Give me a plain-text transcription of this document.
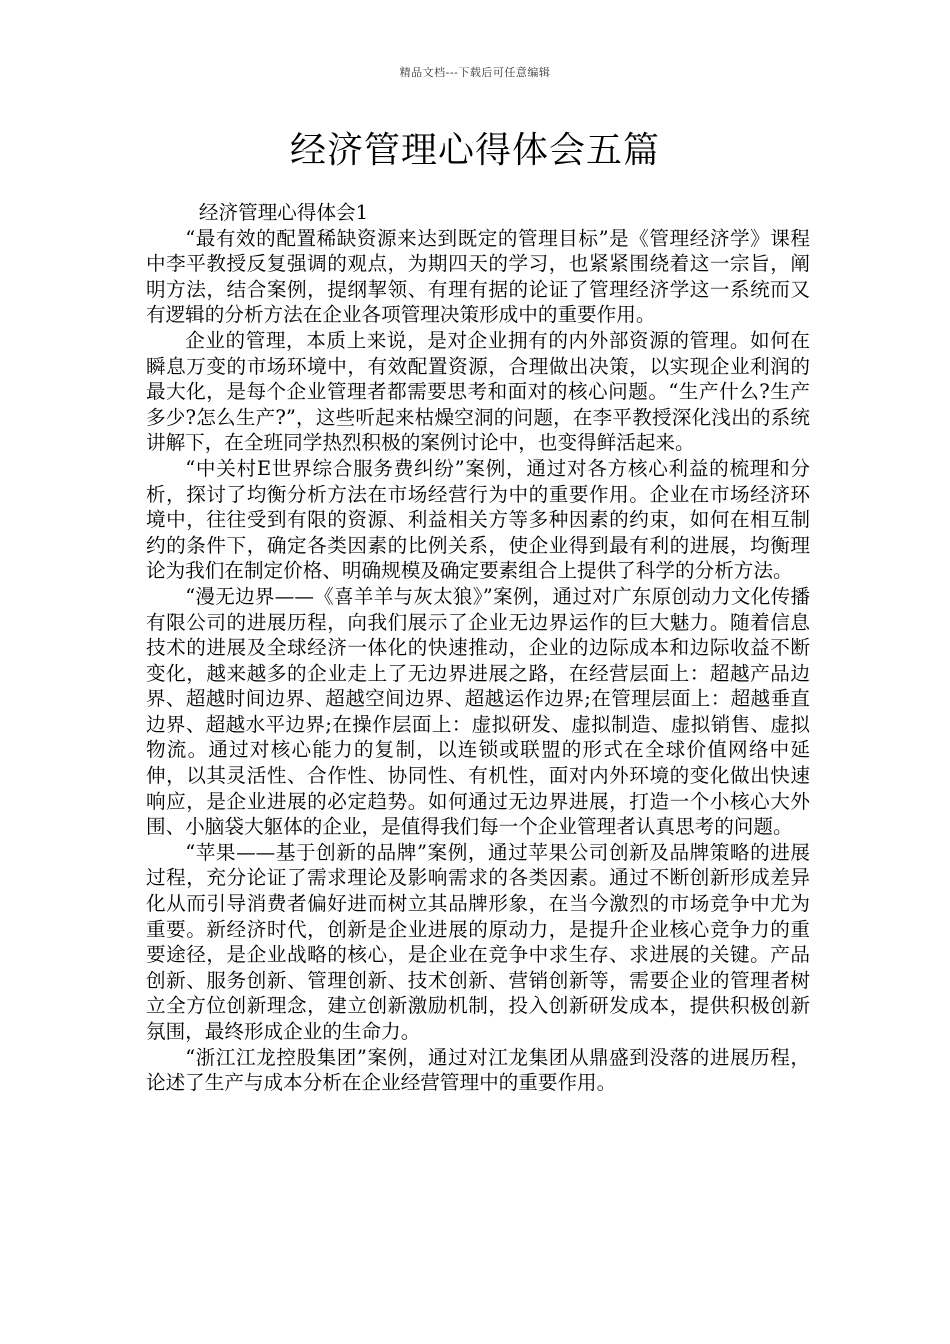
精品文档---下载后可任意编辑
经济管理心得体会五篇
经济管理心得体会1

“最有效的配置稀缺资源来达到既定的管理目标”是《管理经济学》课程中李平教授反复强调的观点，为期四天的学习，也紧紧围绕着这一宗旨，阐明方法，结合案例，提纲挈领、有理有据的论证了管理经济学这一系统而又有逻辑的分析方法在企业各项管理决策形成中的重要作用。

企业的管理，本质上来说，是对企业拥有的内外部资源的管理。如何在瞬息万变的市场环境中，有效配置资源，合理做出决策，以实现企业利润的最大化，是每个企业管理者都需要思考和面对的核心问题。“生产什么?生产多少?怎么生产?”，这些听起来枯燥空洞的问题，在李平教授深化浅出的系统讲解下，在全班同学热烈积极的案例讨论中，也变得鲜活起来。

“中关村E世界综合服务费纠纷”案例，通过对各方核心利益的梳理和分析，探讨了均衡分析方法在市场经营行为中的重要作用。企业在市场经济环境中，往往受到有限的资源、利益相关方等多种因素的约束，如何在相互制约的条件下，确定各类因素的比例关系，使企业得到最有利的进展，均衡理论为我们在制定价格、明确规模及确定要素组合上提供了科学的分析方法。

“漫无边界——《喜羊羊与灰太狼》”案例，通过对广东原创动力文化传播有限公司的进展历程，向我们展示了企业无边界运作的巨大魅力。随着信息技术的进展及全球经济一体化的快速推动，企业的边际成本和边际收益不断变化，越来越多的企业走上了无边界进展之路，在经营层面上：超越产品边界、超越时间边界、超越空间边界、超越运作边界;在管理层面上：超越垂直边界、超越水平边界;在操作层面上：虚拟研发、虚拟制造、虚拟销售、虚拟物流。通过对核心能力的复制，以连锁或联盟的形式在全球价值网络中延伸，以其灵活性、合作性、协同性、有机性，面对内外环境的变化做出快速响应，是企业进展的必定趋势。如何通过无边界进展，打造一个小核心大外围、小脑袋大躯体的企业，是值得我们每一个企业管理者认真思考的问题。

“苹果——基于创新的品牌”案例，通过苹果公司创新及品牌策略的进展过程，充分论证了需求理论及影响需求的各类因素。通过不断创新形成差异化从而引导消费者偏好进而树立其品牌形象，在当今激烈的市场竞争中尤为重要。新经济时代，创新是企业进展的原动力，是提升企业核心竞争力的重要途径，是企业战略的核心，是企业在竞争中求生存、求进展的关键。产品创新、服务创新、管理创新、技术创新、营销创新等，需要企业的管理者树立全方位创新理念，建立创新激励机制，投入创新研发成本，提供积极创新氛围，最终形成企业的生命力。

“浙江江龙控股集团”案例，通过对江龙集团从鼎盛到没落的进展历程，论述了生产与成本分析在企业经营管理中的重要作用。
